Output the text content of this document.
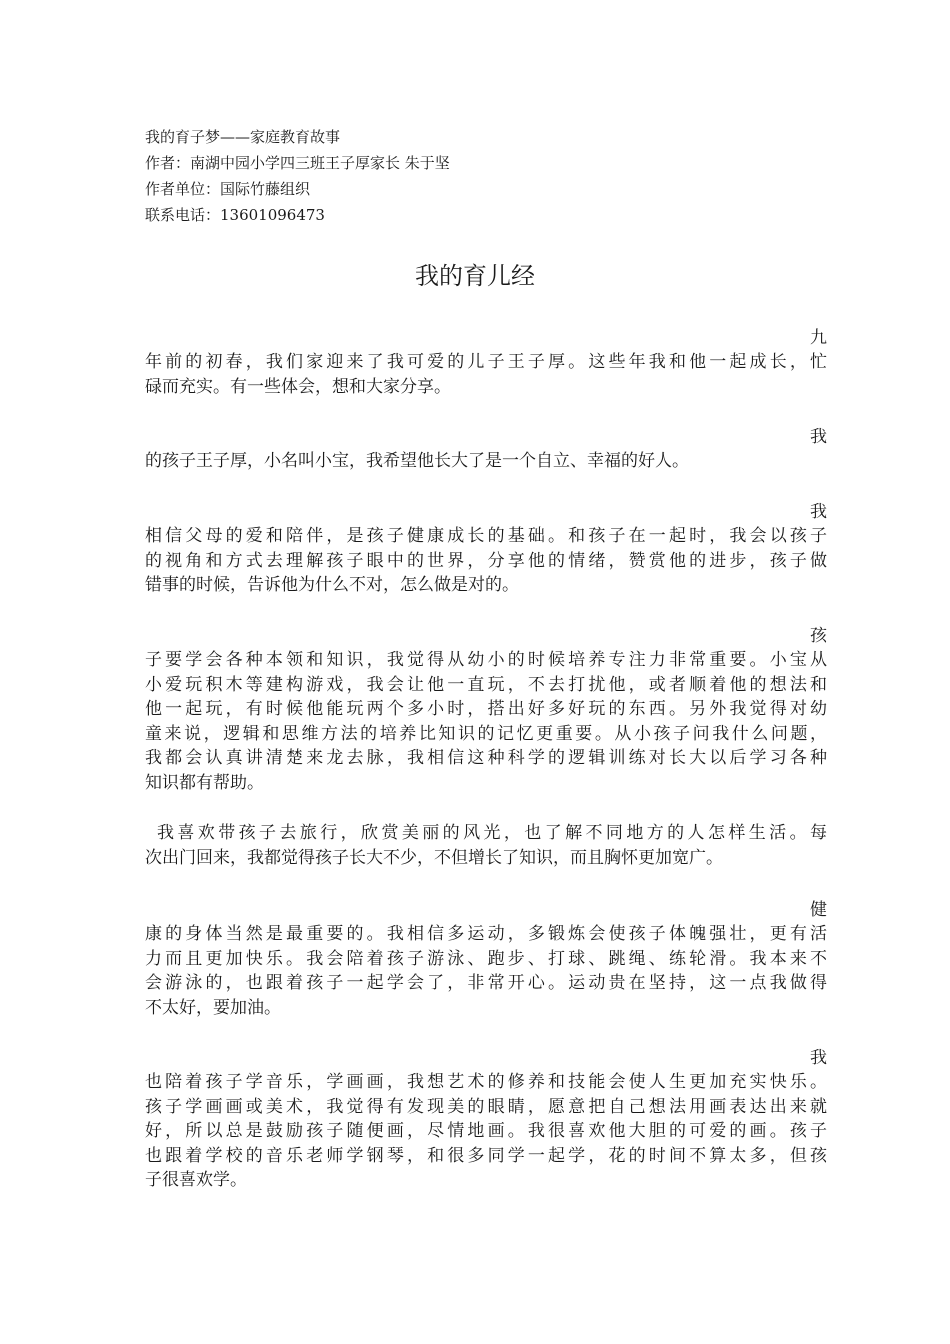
我的育子梦——家庭教育故事
作者：南湖中园小学四三班王子厚家长 朱于坚
作者单位：国际竹藤组织
联系电话：13601096473
我的育儿经
九
年前的初春，我们家迎来了我可爱的儿子王子厚。这些年我和他一起成长，忙
碌而充实。有一些体会，想和大家分享。
我
的孩子王子厚，小名叫小宝，我希望他长大了是一个自立、幸福的好人。
我
相信父母的爱和陪伴，是孩子健康成长的基础。和孩子在一起时，我会以孩子
的视角和方式去理解孩子眼中的世界，分享他的情绪，赞赏他的进步，孩子做
错事的时候，告诉他为什么不对，怎么做是对的。
孩
子要学会各种本领和知识，我觉得从幼小的时候培养专注力非常重要。小宝从
小爱玩积木等建构游戏，我会让他一直玩，不去打扰他，或者顺着他的想法和
他一起玩，有时候他能玩两个多小时，搭出好多好玩的东西。另外我觉得对幼
童来说，逻辑和思维方法的培养比知识的记忆更重要。从小孩子问我什么问题，
我都会认真讲清楚来龙去脉，我相信这种科学的逻辑训练对长大以后学习各种
知识都有帮助。
我喜欢带孩子去旅行，欣赏美丽的风光，也了解不同地方的人怎样生活。每
次出门回来，我都觉得孩子长大不少，不但增长了知识，而且胸怀更加宽广。
健
康的身体当然是最重要的。我相信多运动，多锻炼会使孩子体魄强壮，更有活
力而且更加快乐。我会陪着孩子游泳、跑步、打球、跳绳、练轮滑。我本来不
会游泳的，也跟着孩子一起学会了，非常开心。运动贵在坚持，这一点我做得
不太好，要加油。
我
也陪着孩子学音乐，学画画，我想艺术的修养和技能会使人生更加充实快乐。
孩子学画画或美术，我觉得有发现美的眼睛，愿意把自己想法用画表达出来就
好，所以总是鼓励孩子随便画，尽情地画。我很喜欢他大胆的可爱的画。孩子
也跟着学校的音乐老师学钢琴，和很多同学一起学，花的时间不算太多，但孩
子很喜欢学。
